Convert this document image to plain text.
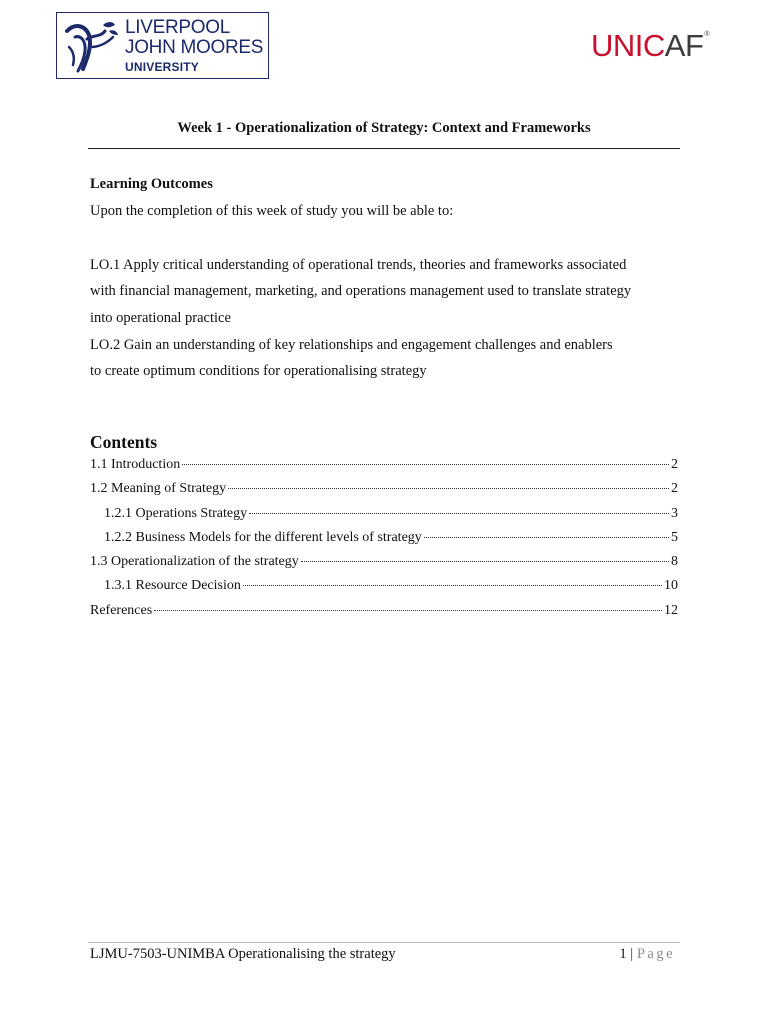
LIVERPOOL
JOHN MOORES
UNIVERSITY
UNI C AF ®
Week 1 - Operationalization of Strategy: Context and Frameworks
Learning Outcomes
Upon the completion of this week of study you will be able to:
LO.1 Apply critical understanding of operational trends, theories and frameworks associated
with financial management, marketing, and operations management used to translate strategy
into operational practice
LO.2 Gain an understanding of key relationships and engagement challenges and enablers
to create optimum conditions for operationalising strategy
Contents
1.1 Introduction	2
1.2 Meaning of Strategy	2
1.2.1 Operations Strategy	3
1.2.2 Business Models for the different levels of strategy	5
1.3 Operationalization of the strategy	8
1.3.1 Resource Decision	10
References	12
LJMU-7503-UNIMBA Operationalising the strategy	1 | Page
